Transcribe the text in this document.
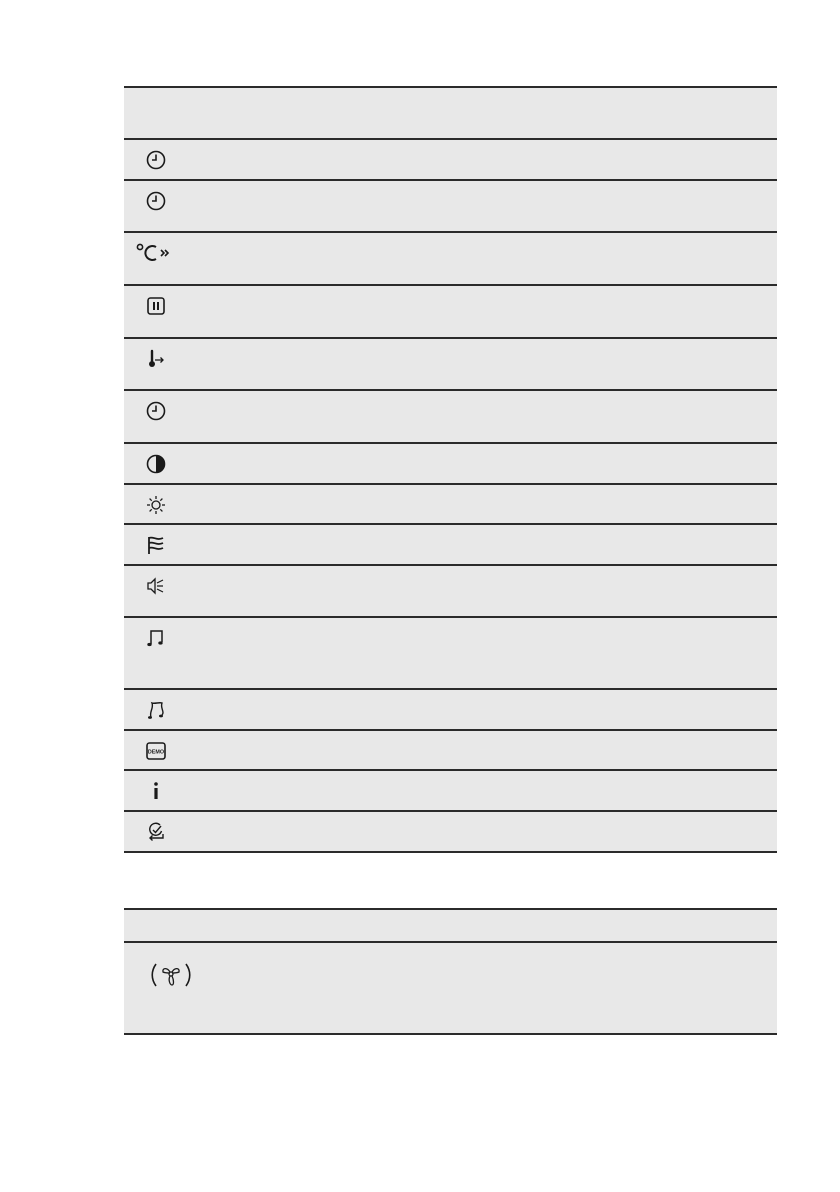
DEMO
